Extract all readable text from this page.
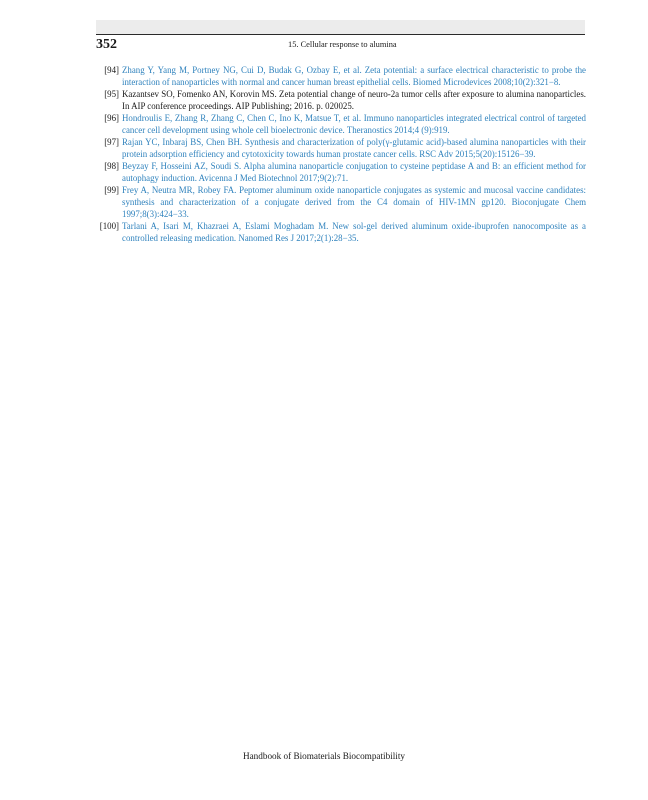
352	15. Cellular response to alumina
[94] Zhang Y, Yang M, Portney NG, Cui D, Budak G, Ozbay E, et al. Zeta potential: a surface electrical characteristic to probe the interaction of nanoparticles with normal and cancer human breast epithelial cells. Biomed Microdevices 2008;10(2):321−8.
[95] Kazantsev SO, Fomenko AN, Korovin MS. Zeta potential change of neuro-2a tumor cells after exposure to alumina nanoparticles. In AIP conference proceedings. AIP Publishing; 2016. p. 020025.
[96] Hondroulis E, Zhang R, Zhang C, Chen C, Ino K, Matsue T, et al. Immuno nanoparticles integrated electrical control of targeted cancer cell development using whole cell bioelectronic device. Theranostics 2014;4 (9):919.
[97] Rajan YC, Inbaraj BS, Chen BH. Synthesis and characterization of poly(γ-glutamic acid)-based alumina nanoparticles with their protein adsorption efficiency and cytotoxicity towards human prostate cancer cells. RSC Adv 2015;5(20):15126−39.
[98] Beyzay F, Hosseini AZ, Soudi S. Alpha alumina nanoparticle conjugation to cysteine peptidase A and B: an efficient method for autophagy induction. Avicenna J Med Biotechnol 2017;9(2):71.
[99] Frey A, Neutra MR, Robey FA. Peptomer aluminum oxide nanoparticle conjugates as systemic and mucosal vaccine candidates: synthesis and characterization of a conjugate derived from the C4 domain of HIV-1MN gp120. Bioconjugate Chem 1997;8(3):424−33.
[100] Tarlani A, Isari M, Khazraei A, Eslami Moghadam M. New sol-gel derived aluminum oxide-ibuprofen nanocomposite as a controlled releasing medication. Nanomed Res J 2017;2(1):28−35.
Handbook of Biomaterials Biocompatibility
